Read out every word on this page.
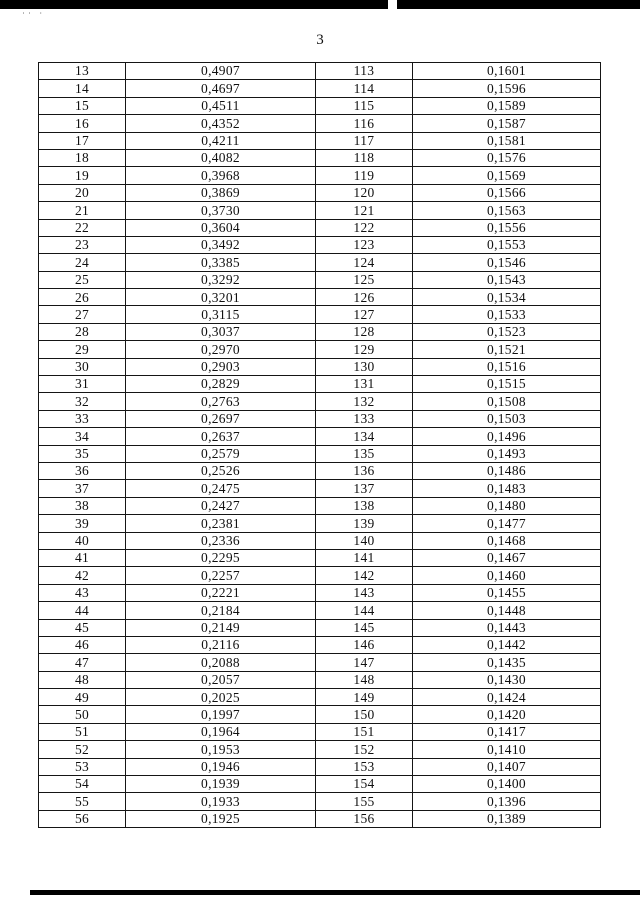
˙˙ ˙
3
13	0,4907	113	0,1601
14	0,4697	114	0,1596
15	0,4511	115	0,1589
16	0,4352	116	0,1587
17	0,4211	117	0,1581
18	0,4082	118	0,1576
19	0,3968	119	0,1569
20	0,3869	120	0,1566
21	0,3730	121	0,1563
22	0,3604	122	0,1556
23	0,3492	123	0,1553
24	0,3385	124	0,1546
25	0,3292	125	0,1543
26	0,3201	126	0,1534
27	0,3115	127	0,1533
28	0,3037	128	0,1523
29	0,2970	129	0,1521
30	0,2903	130	0,1516
31	0,2829	131	0,1515
32	0,2763	132	0,1508
33	0,2697	133	0,1503
34	0,2637	134	0,1496
35	0,2579	135	0,1493
36	0,2526	136	0,1486
37	0,2475	137	0,1483
38	0,2427	138	0,1480
39	0,2381	139	0,1477
40	0,2336	140	0,1468
41	0,2295	141	0,1467
42	0,2257	142	0,1460
43	0,2221	143	0,1455
44	0,2184	144	0,1448
45	0,2149	145	0,1443
46	0,2116	146	0,1442
47	0,2088	147	0,1435
48	0,2057	148	0,1430
49	0,2025	149	0,1424
50	0,1997	150	0,1420
51	0,1964	151	0,1417
52	0,1953	152	0,1410
53	0,1946	153	0,1407
54	0,1939	154	0,1400
55	0,1933	155	0,1396
56	0,1925	156	0,1389
